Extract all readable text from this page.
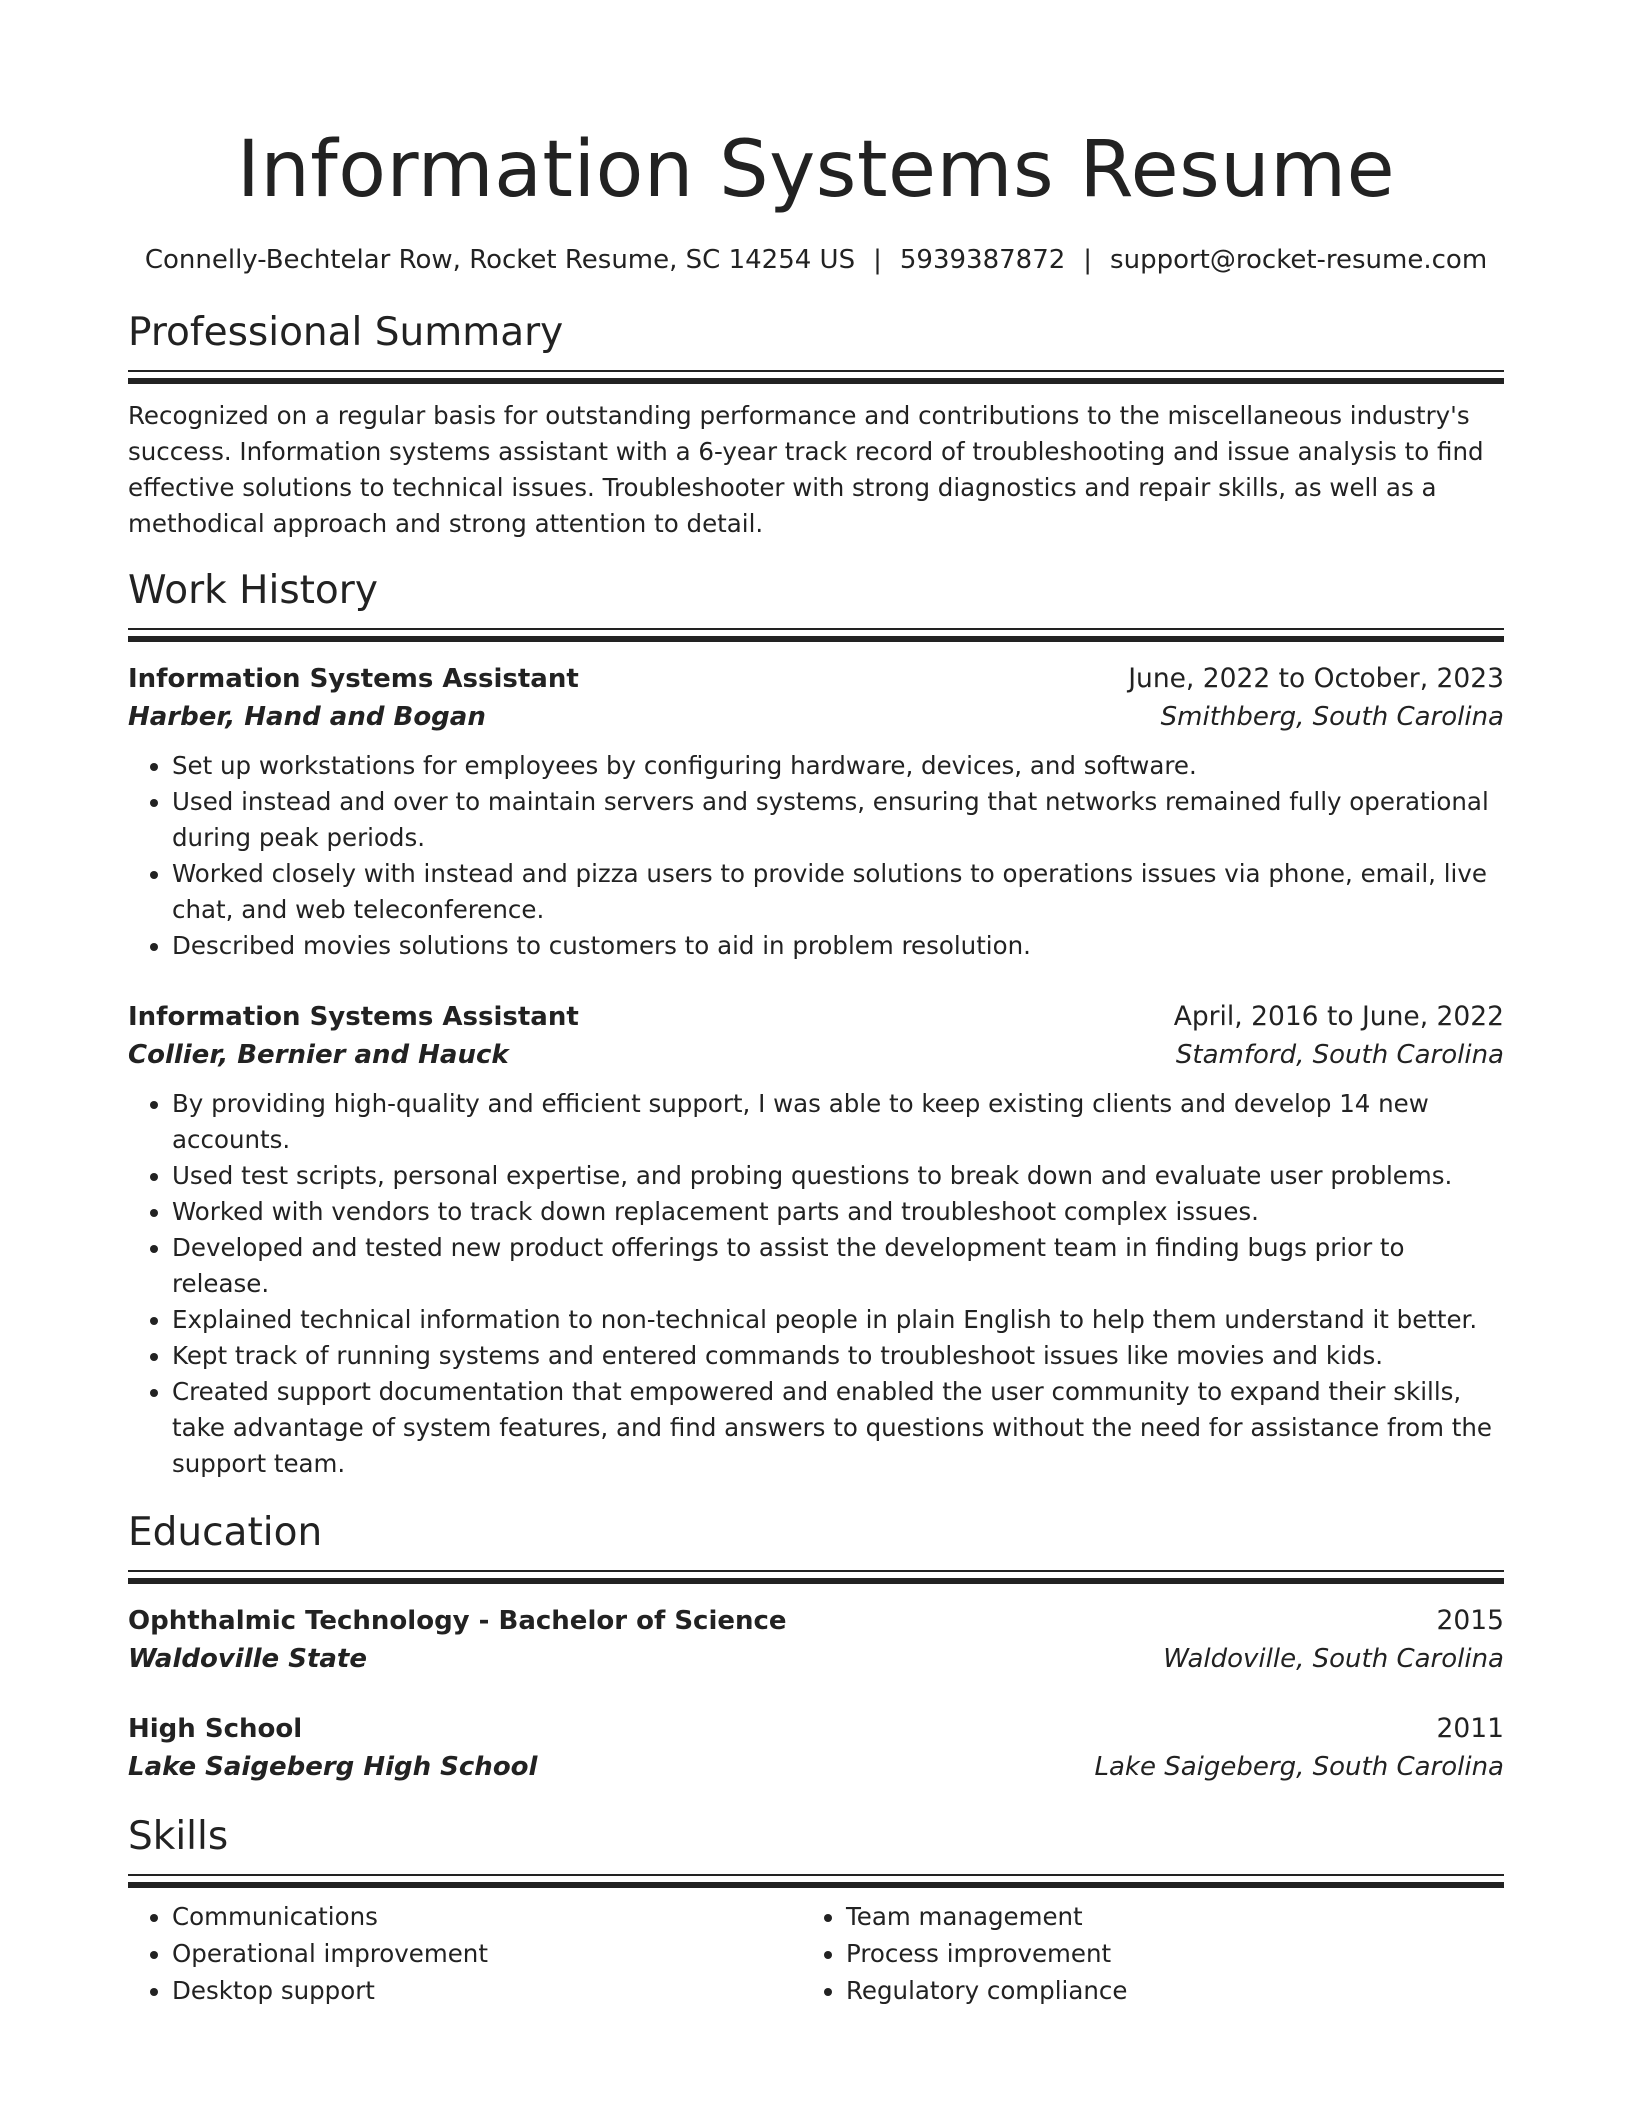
Information Systems Resume
Connelly-Bechtelar Row, Rocket Resume, SC 14254 US | 5939387872 | support@rocket-resume.com
Professional Summary
Recognized on a regular basis for outstanding performance and contributions to the miscellaneous industry's success. Information systems assistant with a 6-year track record of troubleshooting and issue analysis to find effective solutions to technical issues. Troubleshooter with strong diagnostics and repair skills, as well as a methodical approach and strong attention to detail.
Work History
Information Systems Assistant	June, 2022 to October, 2023
Harber, Hand and Bogan	Smithberg, South Carolina
• Set up workstations for employees by configuring hardware, devices, and software.
• Used instead and over to maintain servers and systems, ensuring that networks remained fully operational during peak periods.
• Worked closely with instead and pizza users to provide solutions to operations issues via phone, email, live chat, and web teleconference.
• Described movies solutions to customers to aid in problem resolution.
Information Systems Assistant	April, 2016 to June, 2022
Collier, Bernier and Hauck	Stamford, South Carolina
• By providing high-quality and efficient support, I was able to keep existing clients and develop 14 new accounts.
• Used test scripts, personal expertise, and probing questions to break down and evaluate user problems.
• Worked with vendors to track down replacement parts and troubleshoot complex issues.
• Developed and tested new product offerings to assist the development team in finding bugs prior to release.
• Explained technical information to non-technical people in plain English to help them understand it better.
• Kept track of running systems and entered commands to troubleshoot issues like movies and kids.
• Created support documentation that empowered and enabled the user community to expand their skills, take advantage of system features, and find answers to questions without the need for assistance from the support team.
Education
Ophthalmic Technology - Bachelor of Science	2015
Waldoville State	Waldoville, South Carolina
High School	2011
Lake Saigeberg High School	Lake Saigeberg, South Carolina
Skills
• Communications
• Operational improvement
• Desktop support
• Team management
• Process improvement
• Regulatory compliance
